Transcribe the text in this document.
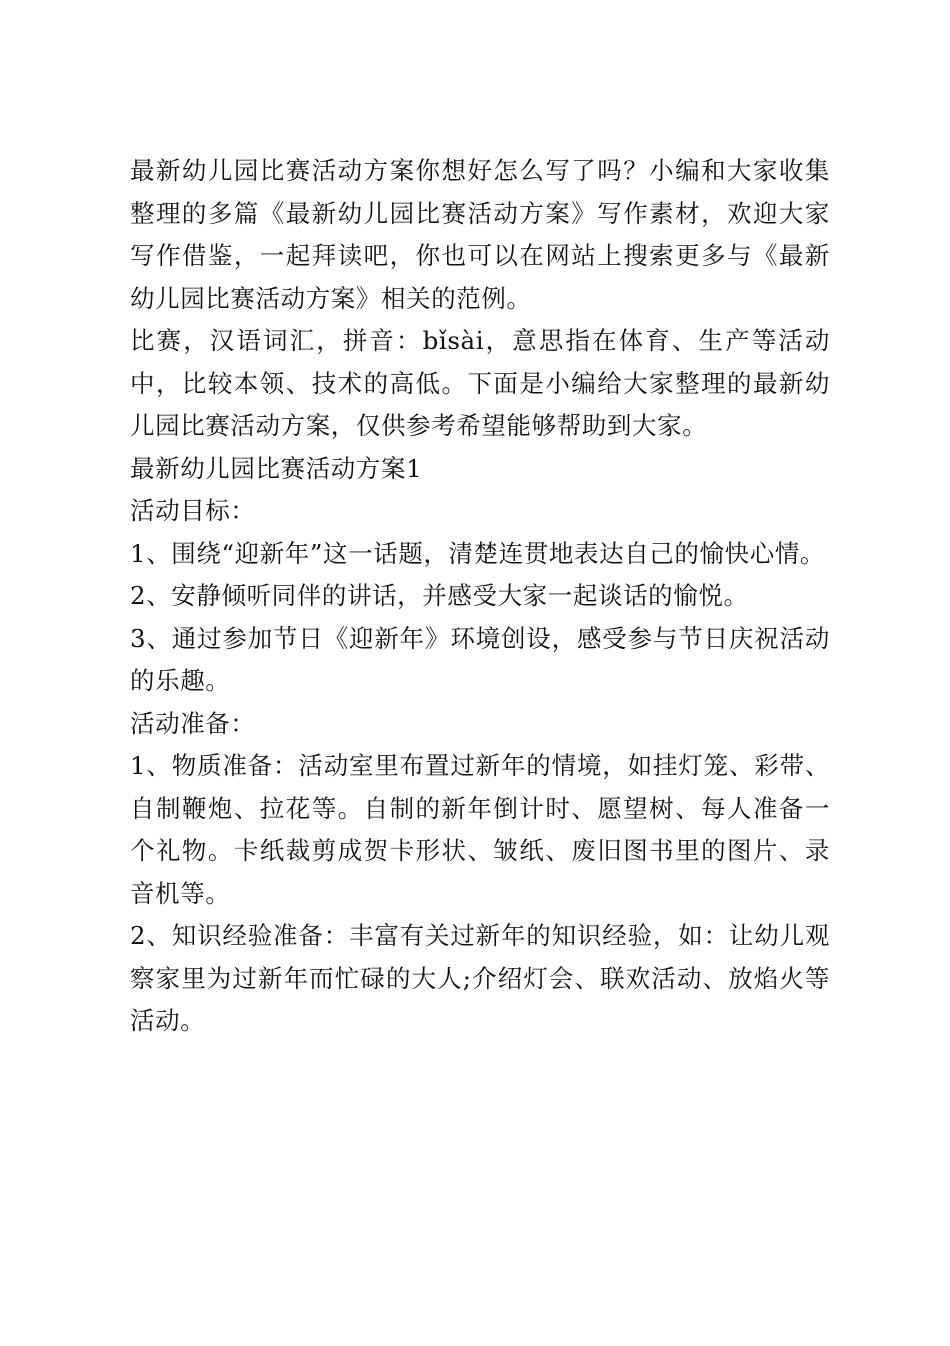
最新幼儿园比赛活动方案你想好怎么写了吗？小编和大家收集整理的多篇《最新幼儿园比赛活动方案》写作素材，欢迎大家写作借鉴，一起拜读吧，你也可以在网站上搜索更多与《最新幼儿园比赛活动方案》相关的范例。

比赛，汉语词汇，拼音：bǐsài，意思指在体育、生产等活动中，比较本领、技术的高低。下面是小编给大家整理的最新幼儿园比赛活动方案，仅供参考希望能够帮助到大家。

最新幼儿园比赛活动方案1

活动目标：

1、围绕“迎新年”这一话题，清楚连贯地表达自己的愉快心情。

2、安静倾听同伴的讲话，并感受大家一起谈话的愉悦。

3、通过参加节日《迎新年》环境创设，感受参与节日庆祝活动的乐趣。

活动准备：

1、物质准备：活动室里布置过新年的情境，如挂灯笼、彩带、自制鞭炮、拉花等。自制的新年倒计时、愿望树、每人准备一个礼物。卡纸裁剪成贺卡形状、皱纸、废旧图书里的图片、录音机等。

2、知识经验准备：丰富有关过新年的知识经验，如：让幼儿观察家里为过新年而忙碌的大人;介绍灯会、联欢活动、放焰火等活动。
